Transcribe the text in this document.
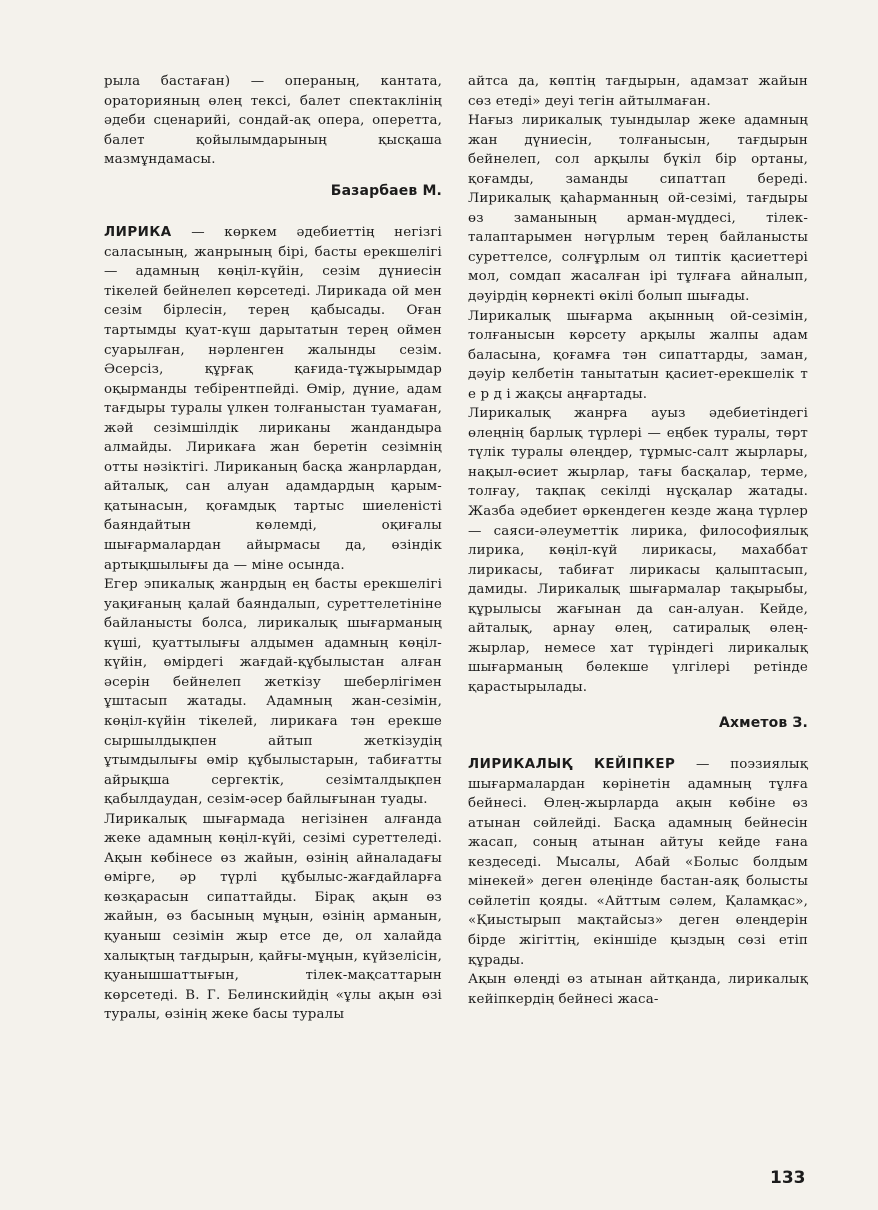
рыла бастаған) — операның, кантата, ораторияның өлең тексі, балет спектаклінің әдеби сценарийі, сондай-ақ опера, оперетта, балет қойылымдарының қысқаша мазмұндамасы.

Базарбаев М.

ЛИРИКА — көркем әдебиеттің негізгі саласының, жанрының бірі, басты ерекшелігі — адамның көңіл-күйін, сезім дүниесін тікелей бейнелеп көрсетеді. Лирикада ой мен сезім бірлесін, терең қабысады. Оған тартымды қуат-күш дарытатын терең оймен суарылған, нәрленген жалынды сезім. Әсерсіз, құрғақ қағида-тұжырымдар оқырманды тебірентпейді. Өмір, дүние, адам тағдыры туралы үлкен толғаныстан туамаған, жәй сезімшілдік лириканы жандандыра алмайды. Лирикаға жан беретін сезімнің отты нәзіктігі. Лириканың басқа жанрлардан, айталық, сан алуан адамдардың қарым-қатынасын, қоғамдық тартыс шиеленісті баяндайтын көлемді, оқиғалы шығармалардан айырмасы да, өзіндік артықшылығы да — міне осында.

Егер эпикалық жанрдың ең басты ерекшелігі уақиғаның қалай баяндалып, суреттелетініне байланысты болса, лирикалық шығарманың күші, қуаттылығы алдымен адамның көңіл-күйін, өмірдегі жағдай-құбылыстан алған әсерін бейнелеп жеткізу шеберлігімен ұштасып жатады. Адамның жан-сезімін, көңіл-күйін тікелей, лирикаға тән ерекше сыршылдықпен айтып жеткізудің ұтымдылығы өмір құбылыстарын, табиғатты айрықша сергектік, сезімталдықпен қабылдаудан, сезім-әсер байлығынан туады.

Лирикалық шығармада негізінен алғанда жеке адамның көңіл-күйі, сезімі суреттеледі. Ақын көбінесе өз жайын, өзінің айналадағы өмірге, әр түрлі құбылыс-жағдайларға көзқарасын сипаттайды. Бірақ ақын өз жайын, өз басының мұңын, өзінің арманын, қуаныш сезімін жыр етсе де, ол халайда халықтың тағдырын, қайғы-мұңын, күйзелісін, қуанышшаттығын, тілек-мақсаттарын көрсетеді. В. Г. Белинскийдің «ұлы ақын өзі туралы, өзінің жеке басы туралы

айтса да, көптің тағдырын, адамзат жайын сөз етеді» деуі тегін айтылмаған.

Нағыз лирикалық туындылар жеке адамның жан дүниесін, толғанысын, тағдырын бейнелеп, сол арқылы бүкіл бір ортаны, қоғамды, заманды сипаттап береді. Лирикалық қаһарманның ой-сезімі, тағдыры өз заманының арман-мүддесі, тілек-талаптарымен нәгүрлым терең байланысты суреттелсе, солғұрлым ол типтік қасиеттері мол, сомдап жасалған ірі тұлғаға айналып, дәуірдің көрнекті өкілі болып шығады.

Лирикалық шығарма ақынның ой-сезімін, толғанысын көрсету арқылы жалпы адам баласына, қоғамға тән сипаттарды, заман, дәуір келбетін танытатын қасиет-ерекшелік т е р д і жақсы аңғартады.

Лирикалық жанрға ауыз әдебиетіндегі өлеңнің барлық түрлері — еңбек туралы, төрт түлік туралы өлеңдер, тұрмыс-салт жырлары, нақыл-өсиет жырлар, тағы басқалар, терме, толғау, тақпақ секілді нұсқалар жатады. Жазба әдебиет өркендеген кезде жаңа түрлер — саяси-әлеуметтік лирика, философиялық лирика, көңіл-күй лирикасы, махаббат лирикасы, табиғат лирикасы қалыптасып, дамиды. Лирикалық шығармалар тақырыбы, құрылысы жағынан да сан-алуан. Кейде, айталық, арнау өлең, сатиралық өлең-жырлар, немесе хат түріндегі лирикалық шығарманың бөлекше үлгілері ретінде қарастырылады.

Ахметов З.

ЛИРИКАЛЫҚ КЕЙІПКЕР — поэзиялық шығармалардан көрінетін адамның тұлға бейнесі. Өлең-жырларда ақын көбіне өз атынан сөйлейді. Басқа адамның бейнесін жасап, соның атынан айтуы кейде ғана кездеседі. Мысалы, Абай «Болыс болдым мінекей» деген өлеңінде бастан-аяқ болысты сөйлетіп қояды. «Айттым сәлем, Қаламқас», «Қиыстырып мақтайсыз» деген өлеңдерін бірде жігіттің, екіншіде қыздың сөзі етіп құрады.

Ақын өлеңді өз атынан айтқанда, лирикалық кейіпкердің бейнесі жаса-

133
